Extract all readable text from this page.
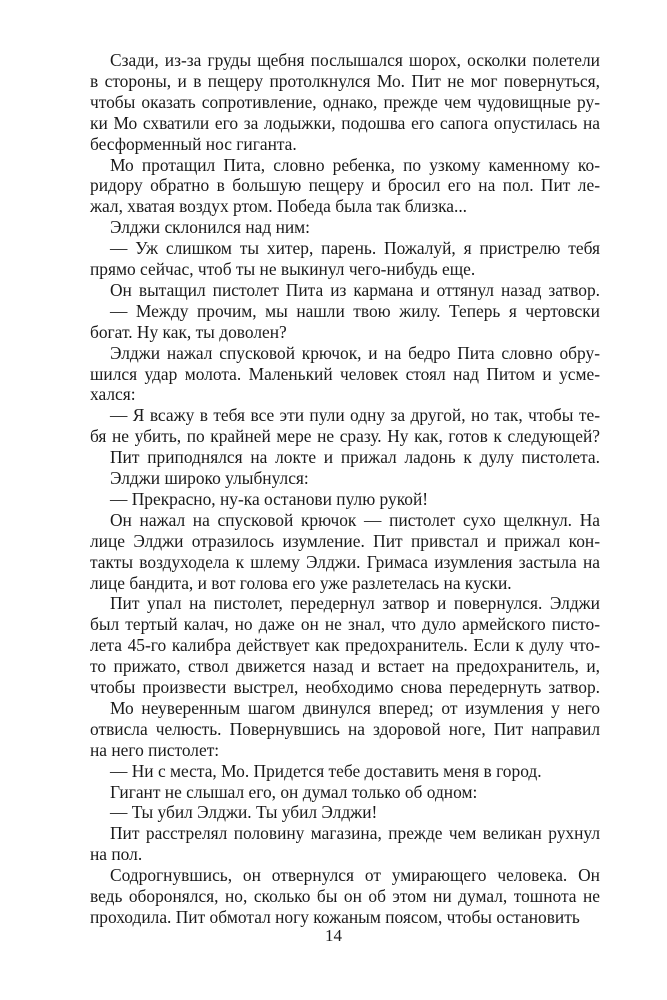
Сзади, из-за груды щебня послышался шорох, осколки полетели
в стороны, и в пещеру протолкнулся Мо. Пит не мог повернуться,
чтобы оказать сопротивление, однако, прежде чем чудовищные ру-
ки Мо схватили его за лодыжки, подошва его сапога опустилась на
бесформенный нос гиганта.
Мо протащил Пита, словно ребенка, по узкому каменному ко-
ридору обратно в большую пещеру и бросил его на пол. Пит ле-
жал, хватая воздух ртом. Победа была так близка...
Элджи склонился над ним:
— Уж слишком ты хитер, парень. Пожалуй, я пристрелю тебя
прямо сейчас, чтоб ты не выкинул чего-нибудь еще.
Он вытащил пистолет Пита из кармана и оттянул назад затвор.
— Между прочим, мы нашли твою жилу. Теперь я чертовски
богат. Ну как, ты доволен?
Элджи нажал спусковой крючок, и на бедро Пита словно обру-
шился удар молота. Маленький человек стоял над Питом и усме-
хался:
— Я всажу в тебя все эти пули одну за другой, но так, чтобы те-
бя не убить, по крайней мере не сразу. Ну как, готов к следующей?
Пит приподнялся на локте и прижал ладонь к дулу пистолета.
Элджи широко улыбнулся:
— Прекрасно, ну-ка останови пулю рукой!
Он нажал на спусковой крючок — пистолет сухо щелкнул. На
лице Элджи отразилось изумление. Пит привстал и прижал кон-
такты воздуходела к шлему Элджи. Гримаса изумления застыла на
лице бандита, и вот голова его уже разлетелась на куски.
Пит упал на пистолет, передернул затвор и повернулся. Элджи
был тертый калач, но даже он не знал, что дуло армейского писто-
лета 45-го калибра действует как предохранитель. Если к дулу что-
то прижато, ствол движется назад и встает на предохранитель, и,
чтобы произвести выстрел, необходимо снова передернуть затвор.
Мо неуверенным шагом двинулся вперед; от изумления у него
отвисла челюсть. Повернувшись на здоровой ноге, Пит направил
на него пистолет:
— Ни с места, Мо. Придется тебе доставить меня в город.
Гигант не слышал его, он думал только об одном:
— Ты убил Элджи. Ты убил Элджи!
Пит расстрелял половину магазина, прежде чем великан рухнул
на пол.
Содрогнувшись, он отвернулся от умирающего человека. Он
ведь оборонялся, но, сколько бы он об этом ни думал, тошнота не
проходила. Пит обмотал ногу кожаным поясом, чтобы остановить
14
